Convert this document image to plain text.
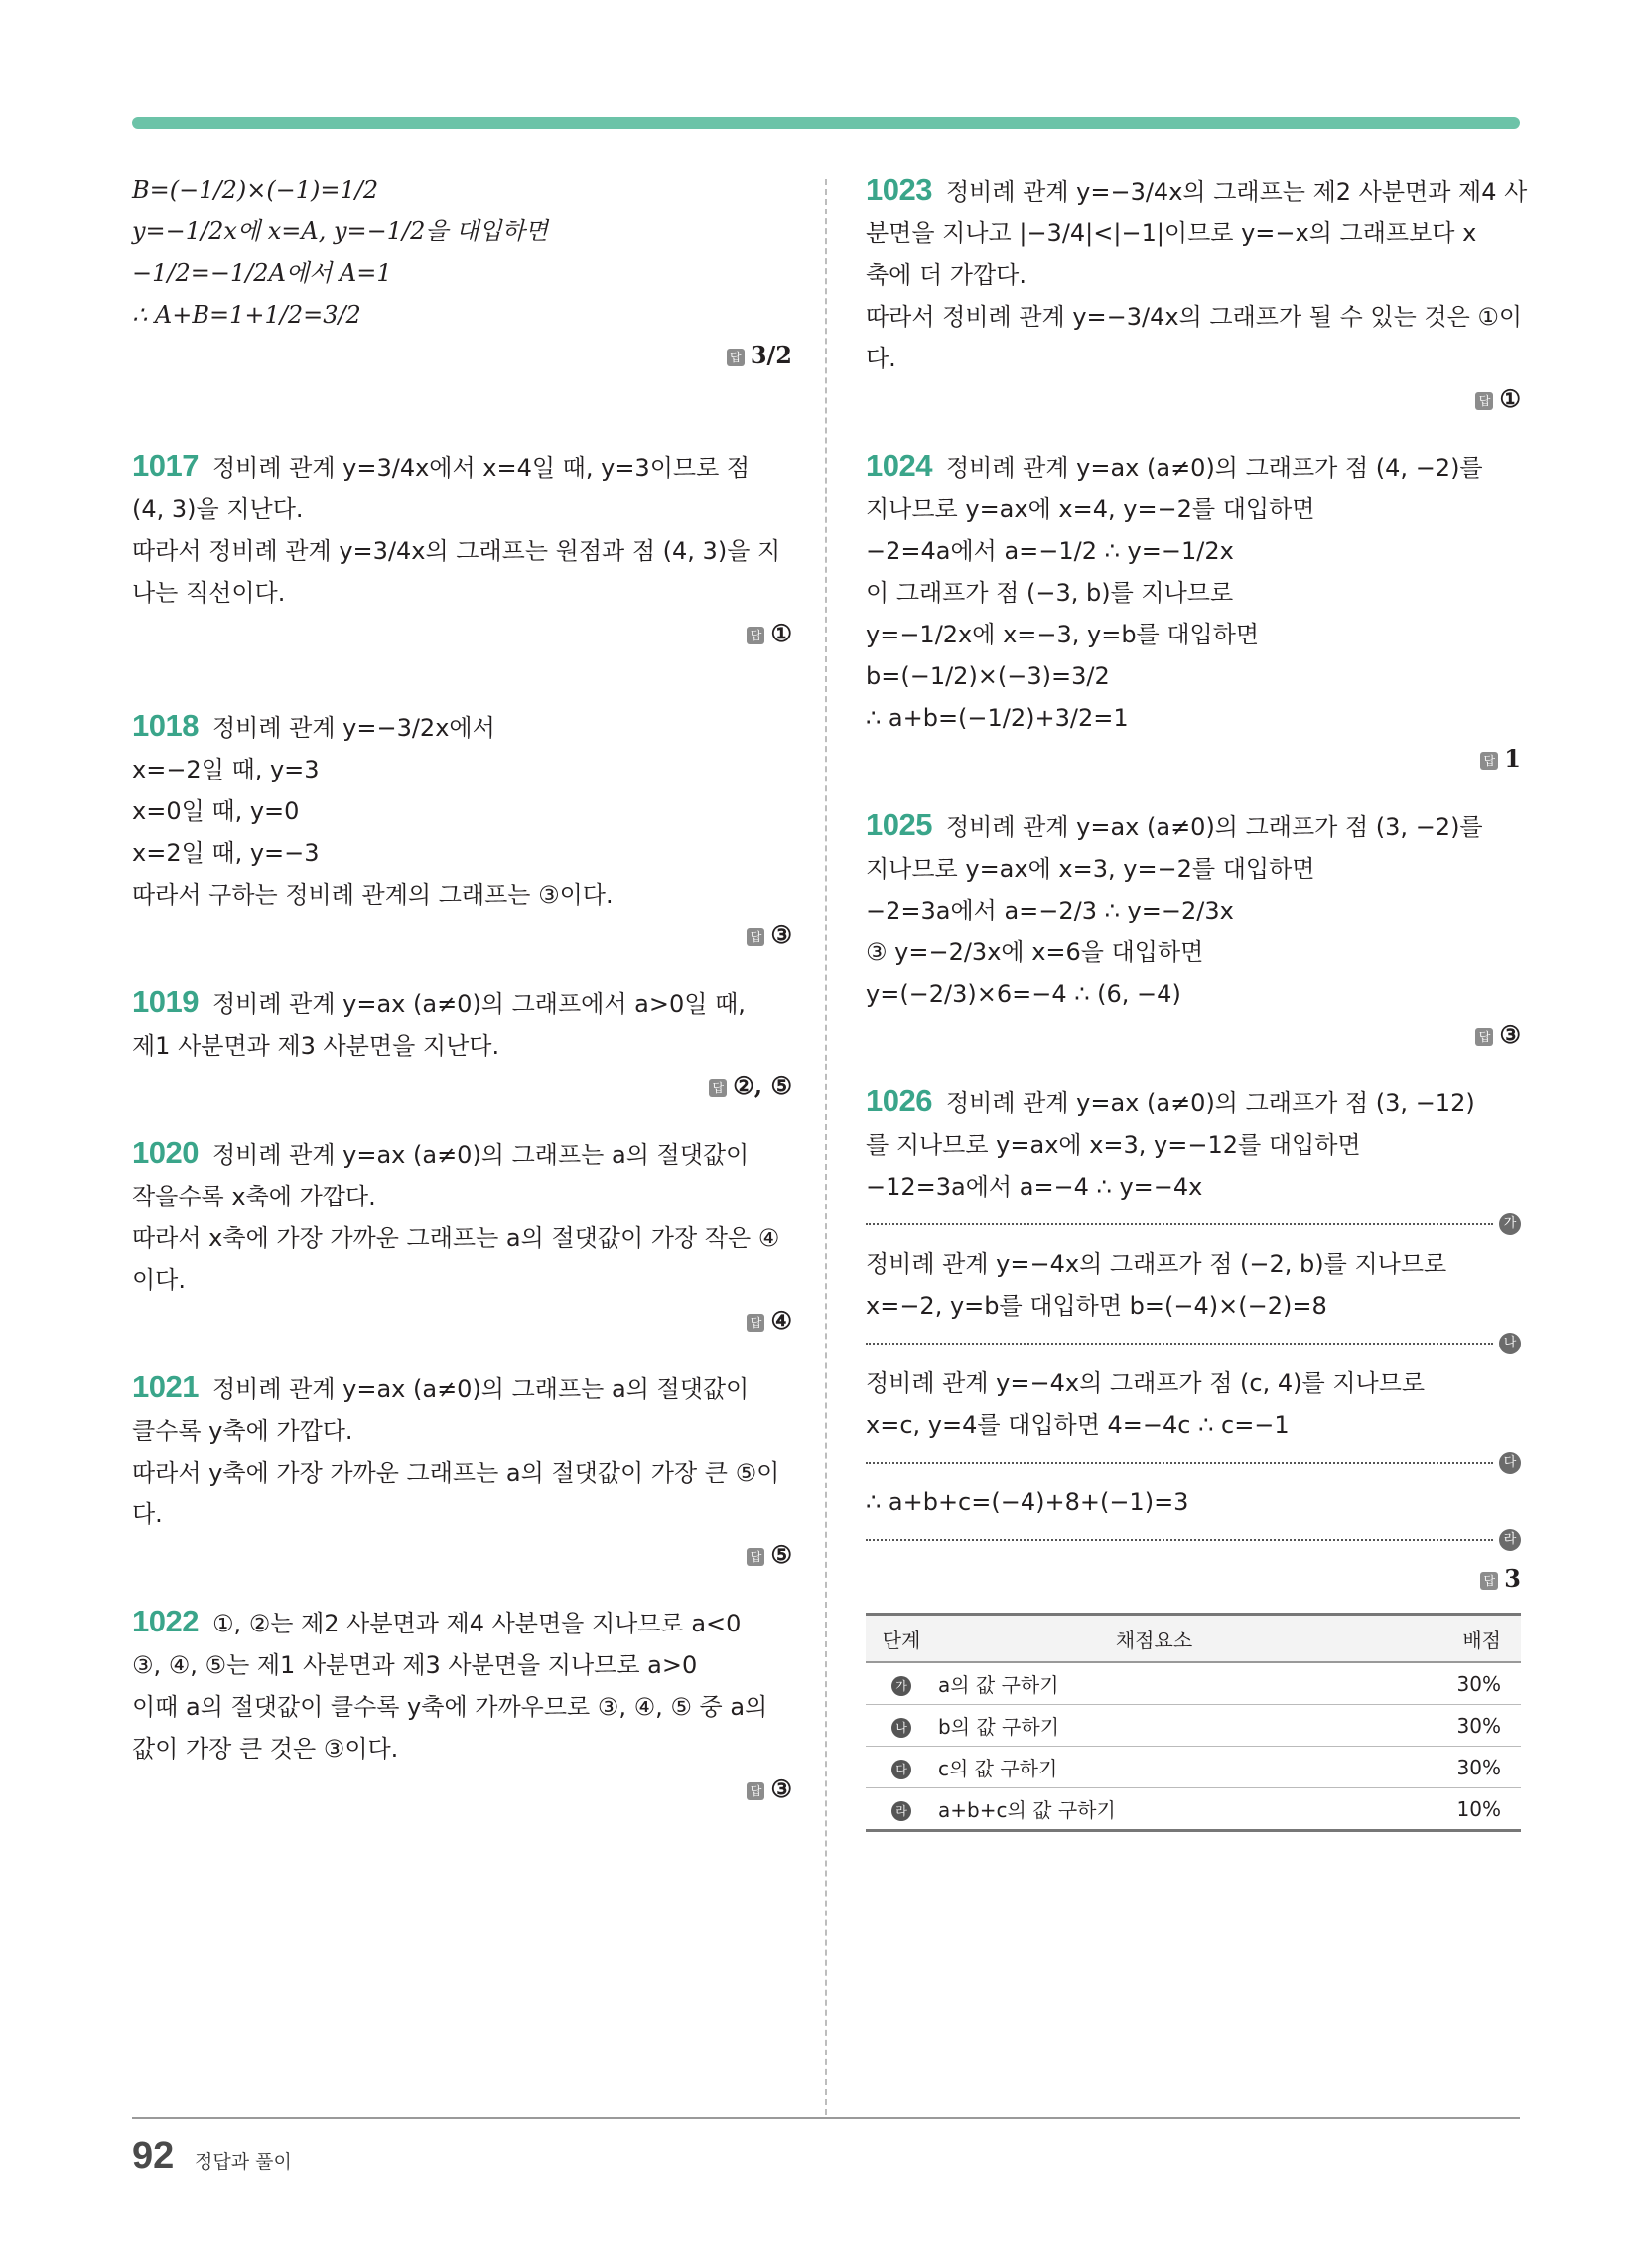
B=(−1/2)×(−1)=1/2
y=−1/2x에 x=A, y=−1/2을 대입하면
−1/2=−1/2A에서 A=1
∴ A+B=1+1/2=3/2
답 3/2
1017 정비례 관계 y=3/4x에서 x=4일 때, y=3이므로 점
(4, 3)을 지난다.
따라서 정비례 관계 y=3/4x의 그래프는 원점과 점 (4, 3)을 지
나는 직선이다.
답 ①
1018 정비례 관계 y=−3/2x에서
x=−2일 때, y=3
x=0일 때, y=0
x=2일 때, y=−3
따라서 구하는 정비례 관계의 그래프는 ③이다.
답 ③
1019 정비례 관계 y=ax (a≠0)의 그래프에서 a>0일 때,
제1 사분면과 제3 사분면을 지난다.
답 ②, ⑤
1020 정비례 관계 y=ax (a≠0)의 그래프는 a의 절댓값이
작을수록 x축에 가깝다.
따라서 x축에 가장 가까운 그래프는 a의 절댓값이 가장 작은 ④
이다.
답 ④
1021 정비례 관계 y=ax (a≠0)의 그래프는 a의 절댓값이
클수록 y축에 가깝다.
따라서 y축에 가장 가까운 그래프는 a의 절댓값이 가장 큰 ⑤이
다.
답 ⑤
1022 ①, ②는 제2 사분면과 제4 사분면을 지나므로 a<0
③, ④, ⑤는 제1 사분면과 제3 사분면을 지나므로 a>0
이때 a의 절댓값이 클수록 y축에 가까우므로 ③, ④, ⑤ 중 a의
값이 가장 큰 것은 ③이다.
답 ③
1023 정비례 관계 y=−3/4x의 그래프는 제2 사분면과 제4 사
분면을 지나고 |−3/4|<|−1|이므로 y=−x의 그래프보다 x
축에 더 가깝다.
따라서 정비례 관계 y=−3/4x의 그래프가 될 수 있는 것은 ①이
다.
답 ①
1024 정비례 관계 y=ax (a≠0)의 그래프가 점 (4, −2)를
지나므로 y=ax에 x=4, y=−2를 대입하면
−2=4a에서 a=−1/2 ∴ y=−1/2x
이 그래프가 점 (−3, b)를 지나므로
y=−1/2x에 x=−3, y=b를 대입하면
b=(−1/2)×(−3)=3/2
∴ a+b=(−1/2)+3/2=1
답 1
1025 정비례 관계 y=ax (a≠0)의 그래프가 점 (3, −2)를
지나므로 y=ax에 x=3, y=−2를 대입하면
−2=3a에서 a=−2/3 ∴ y=−2/3x
③ y=−2/3x에 x=6을 대입하면
y=(−2/3)×6=−4 ∴ (6, −4)
답 ③
1026 정비례 관계 y=ax (a≠0)의 그래프가 점 (3, −12)
를 지나므로 y=ax에 x=3, y=−12를 대입하면
−12=3a에서 a=−4 ∴ y=−4x
가
정비례 관계 y=−4x의 그래프가 점 (−2, b)를 지나므로
x=−2, y=b를 대입하면 b=(−4)×(−2)=8
나
정비례 관계 y=−4x의 그래프가 점 (c, 4)를 지나므로
x=c, y=4를 대입하면 4=−4c ∴ c=−1
다
∴ a+b+c=(−4)+8+(−1)=3
라
답 3
단계	채점요소	배점
가	a의 값 구하기	30%
나	b의 값 구하기	30%
다	c의 값 구하기	30%
라	a+b+c의 값 구하기	10%
92 정답과 풀이
